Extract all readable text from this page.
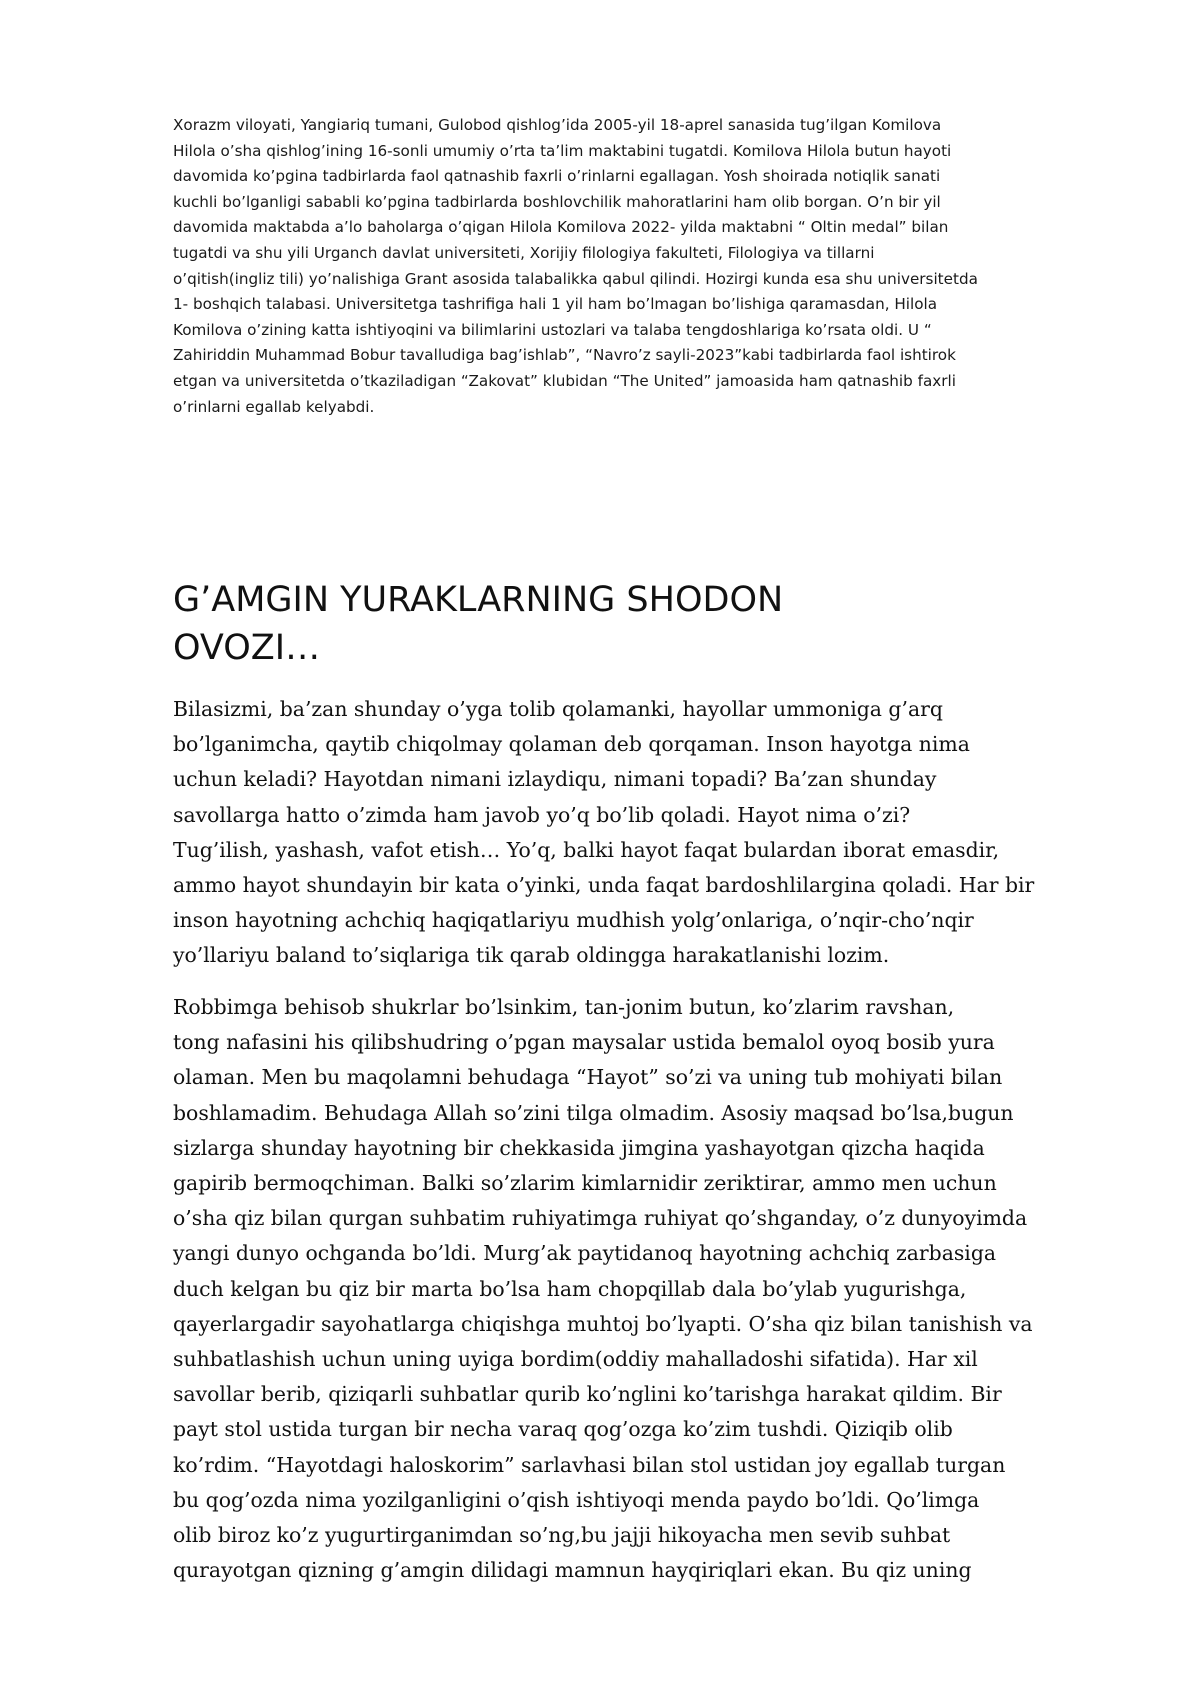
Xorazm viloyati, Yangiariq tumani, Gulobod qishlog’ida 2005-yil 18-aprel sanasida tug’ilgan Komilova
Hilola o’sha qishlog’ining 16-sonli umumiy o’rta ta’lim maktabini tugatdi. Komilova Hilola butun hayoti
davomida ko’pgina tadbirlarda faol qatnashib faxrli o’rinlarni egallagan. Yosh shoirada notiqlik sanati
kuchli bo’lganligi sababli ko’pgina tadbirlarda boshlovchilik mahoratlarini ham olib borgan. O’n bir yil
davomida maktabda a’lo baholarga o’qigan Hilola Komilova 2022- yilda maktabni “ Oltin medal” bilan
tugatdi va shu yili Urganch davlat universiteti, Xorijiy filologiya fakulteti, Filologiya va tillarni
o’qitish(ingliz tili) yo’nalishiga Grant asosida talabalikka qabul qilindi. Hozirgi kunda esa shu universitetda
1- boshqich talabasi. Universitetga tashrifiga hali 1 yil ham bo’lmagan bo’lishiga qaramasdan, Hilola
Komilova o’zining katta ishtiyoqini va bilimlarini ustozlari va talaba tengdoshlariga ko’rsata oldi. U “
Zahiriddin Muhammad Bobur tavalludiga bag’ishlab”, “Navro’z sayli-2023”kabi tadbirlarda faol ishtirok
etgan va universitetda o’tkaziladigan “Zakovat” klubidan “The United” jamoasida ham qatnashib faxrli
o’rinlarni egallab kelyabdi.

G’AMGIN YURAKLARNING SHODON
OVOZI…

Bilasizmi, ba’zan shunday o’yga tolib qolamanki, hayollar ummoniga g’arq
bo’lganimcha, qaytib chiqolmay qolaman deb qorqaman. Inson hayotga nima
uchun keladi? Hayotdan nimani izlaydiqu, nimani topadi? Ba’zan shunday
savollarga hatto o’zimda ham javob yo’q bo’lib qoladi. Hayot nima o’zi?
Tug’ilish, yashash, vafot etish… Yo’q, balki hayot faqat bulardan iborat emasdir,
ammo hayot shundayin bir kata o’yinki, unda faqat bardoshlilargina qoladi. Har bir
inson hayotning achchiq haqiqatlariyu mudhish yolg’onlariga, o’nqir-cho’nqir
yo’llariyu baland to’siqlariga tik qarab oldingga harakatlanishi lozim.

Robbimga behisob shukrlar bo’lsinkim, tan-jonim butun, ko’zlarim ravshan,
tong nafasini his qilibshudring o’pgan maysalar ustida bemalol oyoq bosib yura
olaman. Men bu maqolamni behudaga “Hayot” so’zi va uning tub mohiyati bilan
boshlamadim. Behudaga Allah so’zini tilga olmadim. Asosiy maqsad bo’lsa,bugun
sizlarga shunday hayotning bir chekkasida jimgina yashayotgan qizcha haqida
gapirib bermoqchiman. Balki so’zlarim kimlarnidir zeriktirar, ammo men uchun
o’sha qiz bilan qurgan suhbatim ruhiyatimga ruhiyat qo’shganday, o’z dunyoyimda
yangi dunyo ochganda bo’ldi. Murg’ak paytidanoq hayotning achchiq zarbasiga
duch kelgan bu qiz bir marta bo’lsa ham chopqillab dala bo’ylab yugurishga,
qayerlargadir sayohatlarga chiqishga muhtoj bo’lyapti. O’sha qiz bilan tanishish va
suhbatlashish uchun uning uyiga bordim(oddiy mahalladoshi sifatida). Har xil
savollar berib, qiziqarli suhbatlar qurib ko’nglini ko’tarishga harakat qildim. Bir
payt stol ustida turgan bir necha varaq qog’ozga ko’zim tushdi. Qiziqib olib
ko’rdim. “Hayotdagi haloskorim” sarlavhasi bilan stol ustidan joy egallab turgan
bu qog’ozda nima yozilganligini o’qish ishtiyoqi menda paydo bo’ldi. Qo’limga
olib biroz ko’z yugurtirganimdan so’ng,bu jajji hikoyacha men sevib suhbat
qurayotgan qizning g’amgin dilidagi mamnun hayqiriqlari ekan. Bu qiz uning
